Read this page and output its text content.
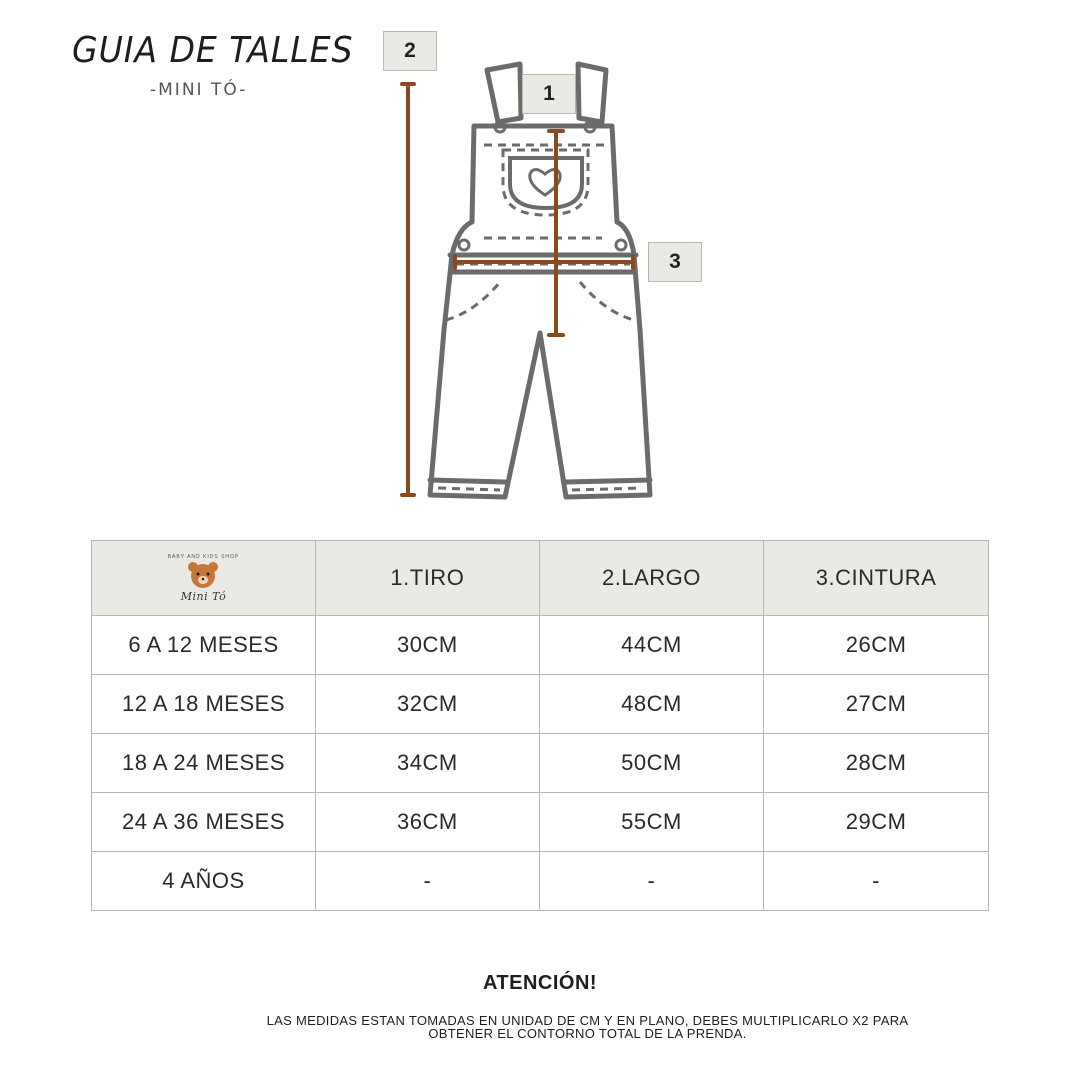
GUIA DE TALLES
-MINI TÓ-
2
1
3
BABY AND KIDS SHOP
Mini Tó	1.TIRO	2.LARGO	3.CINTURA
6 A 12 MESES	30CM	44CM	26CM
12 A 18 MESES	32CM	48CM	27CM
18 A 24 MESES	34CM	50CM	28CM
24 A 36 MESES	36CM	55CM	29CM
4 AÑOS	-	-	-
ATENCIÓN!
LAS MEDIDAS ESTAN TOMADAS EN UNIDAD DE CM Y EN PLANO, DEBES MULTIPLICARLO X2 PARA
OBTENER EL CONTORNO TOTAL DE LA PRENDA.
